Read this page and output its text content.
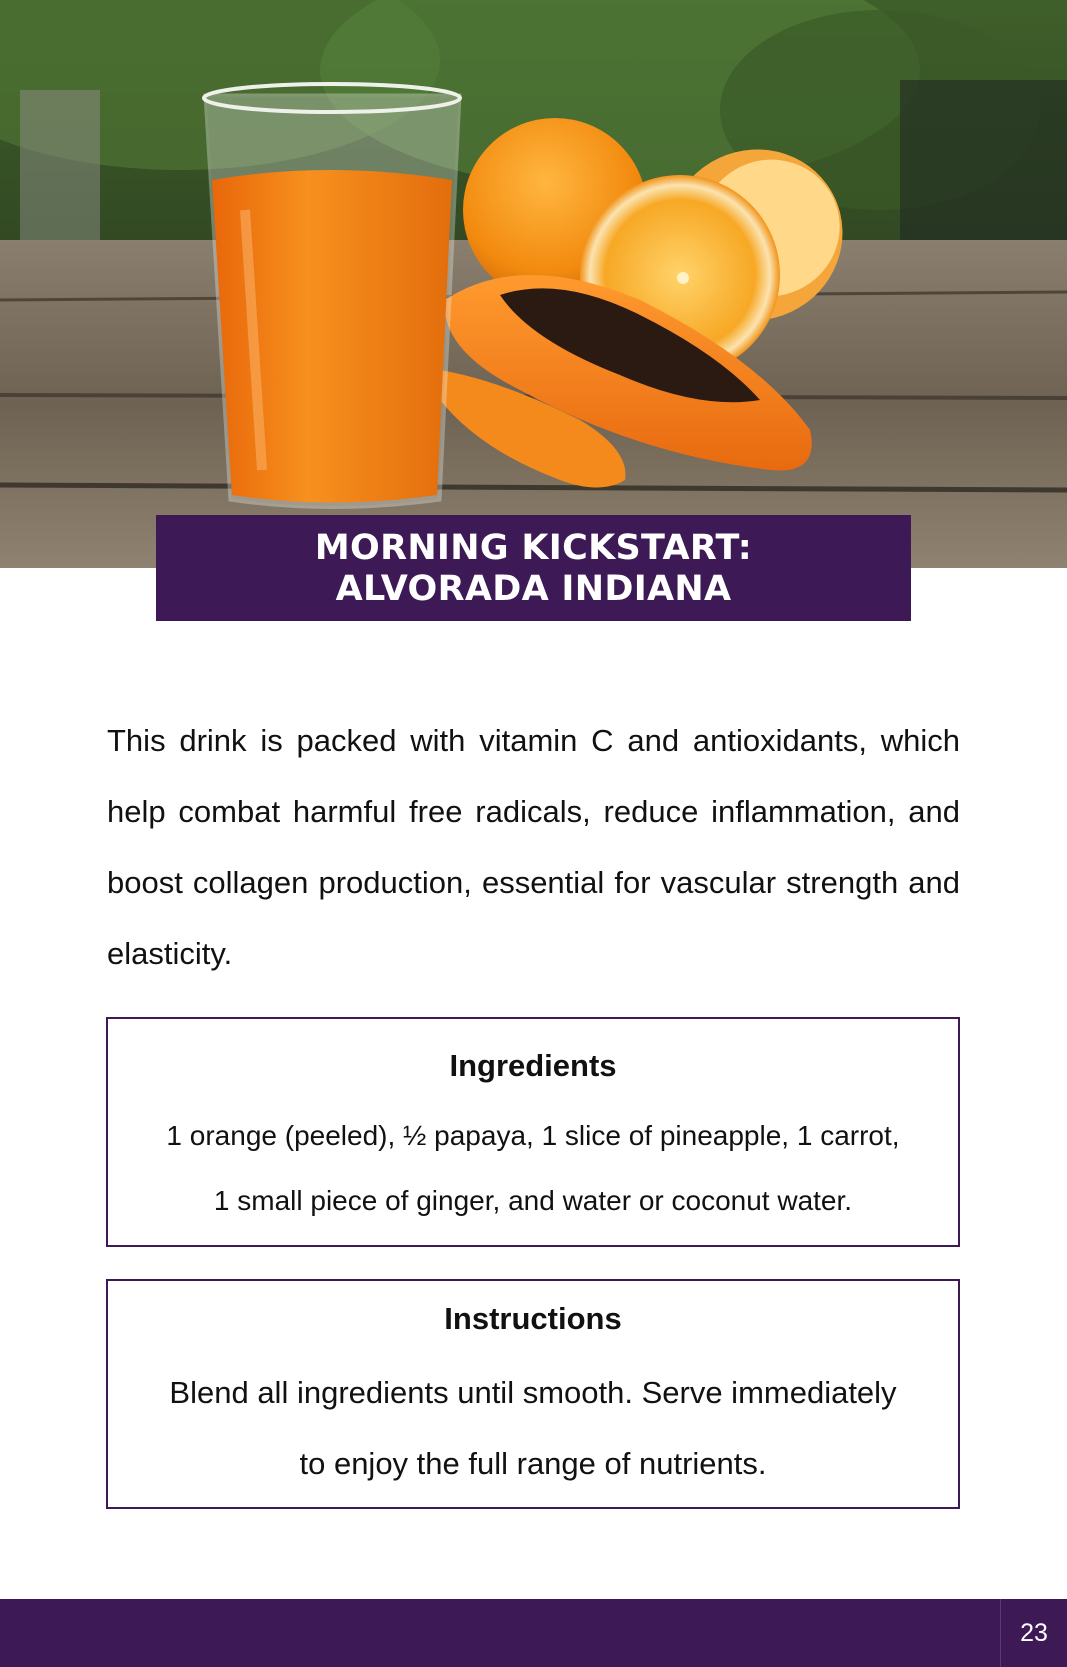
MORNING KICKSTART:
ALVORADA INDIANA

This drink is packed with vitamin C and antioxidants, which help combat harmful free radicals, reduce inflammation, and boost collagen production, essential for vascular strength and elasticity.

Ingredients

1 orange (peeled), ½ papaya, 1 slice of pineapple, 1 carrot,
1 small piece of ginger, and water or coconut water.

Instructions

Blend all ingredients until smooth. Serve immediately
to enjoy the full range of nutrients.

23
